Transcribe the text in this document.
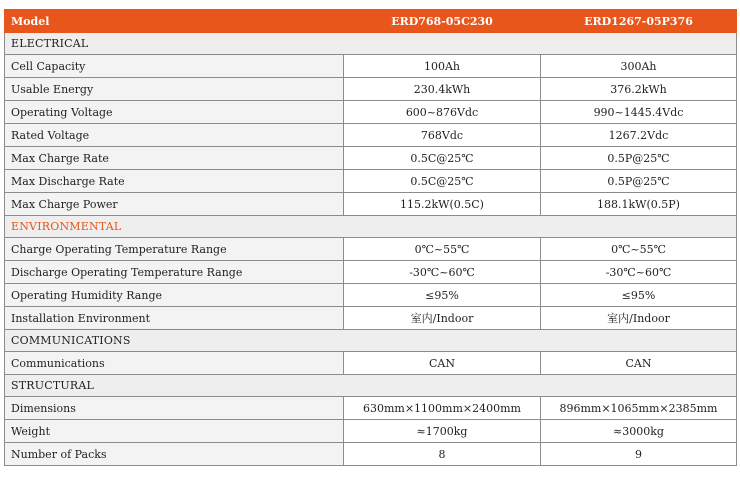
Model	ERD768-05C230	ERD1267-05P376
ELECTRICAL		
Cell Capacity	100Ah	300Ah
Usable Energy	230.4kWh	376.2kWh
Operating Voltage	600~876Vdc	990~1445.4Vdc
Rated Voltage	768Vdc	1267.2Vdc
Max Charge Rate	0.5C@25℃	0.5P@25℃
Max Discharge Rate	0.5C@25℃	0.5P@25℃
Max Charge Power	115.2kW(0.5C)	188.1kW(0.5P)
ENVIRONMENTAL		
Charge Operating Temperature Range	0℃~55℃	0℃~55℃
Discharge Operating Temperature Range	-30℃~60℃	-30℃~60℃
Operating Humidity Range	≤95%	≤95%
Installation Environment	室内/Indoor	室内/Indoor
COMMUNICATIONS		
Communications	CAN	CAN
STRUCTURAL		
Dimensions	630mm×1100mm×2400mm	896mm×1065mm×2385mm
Weight	≈1700kg	≈3000kg
Number of Packs	8	9
